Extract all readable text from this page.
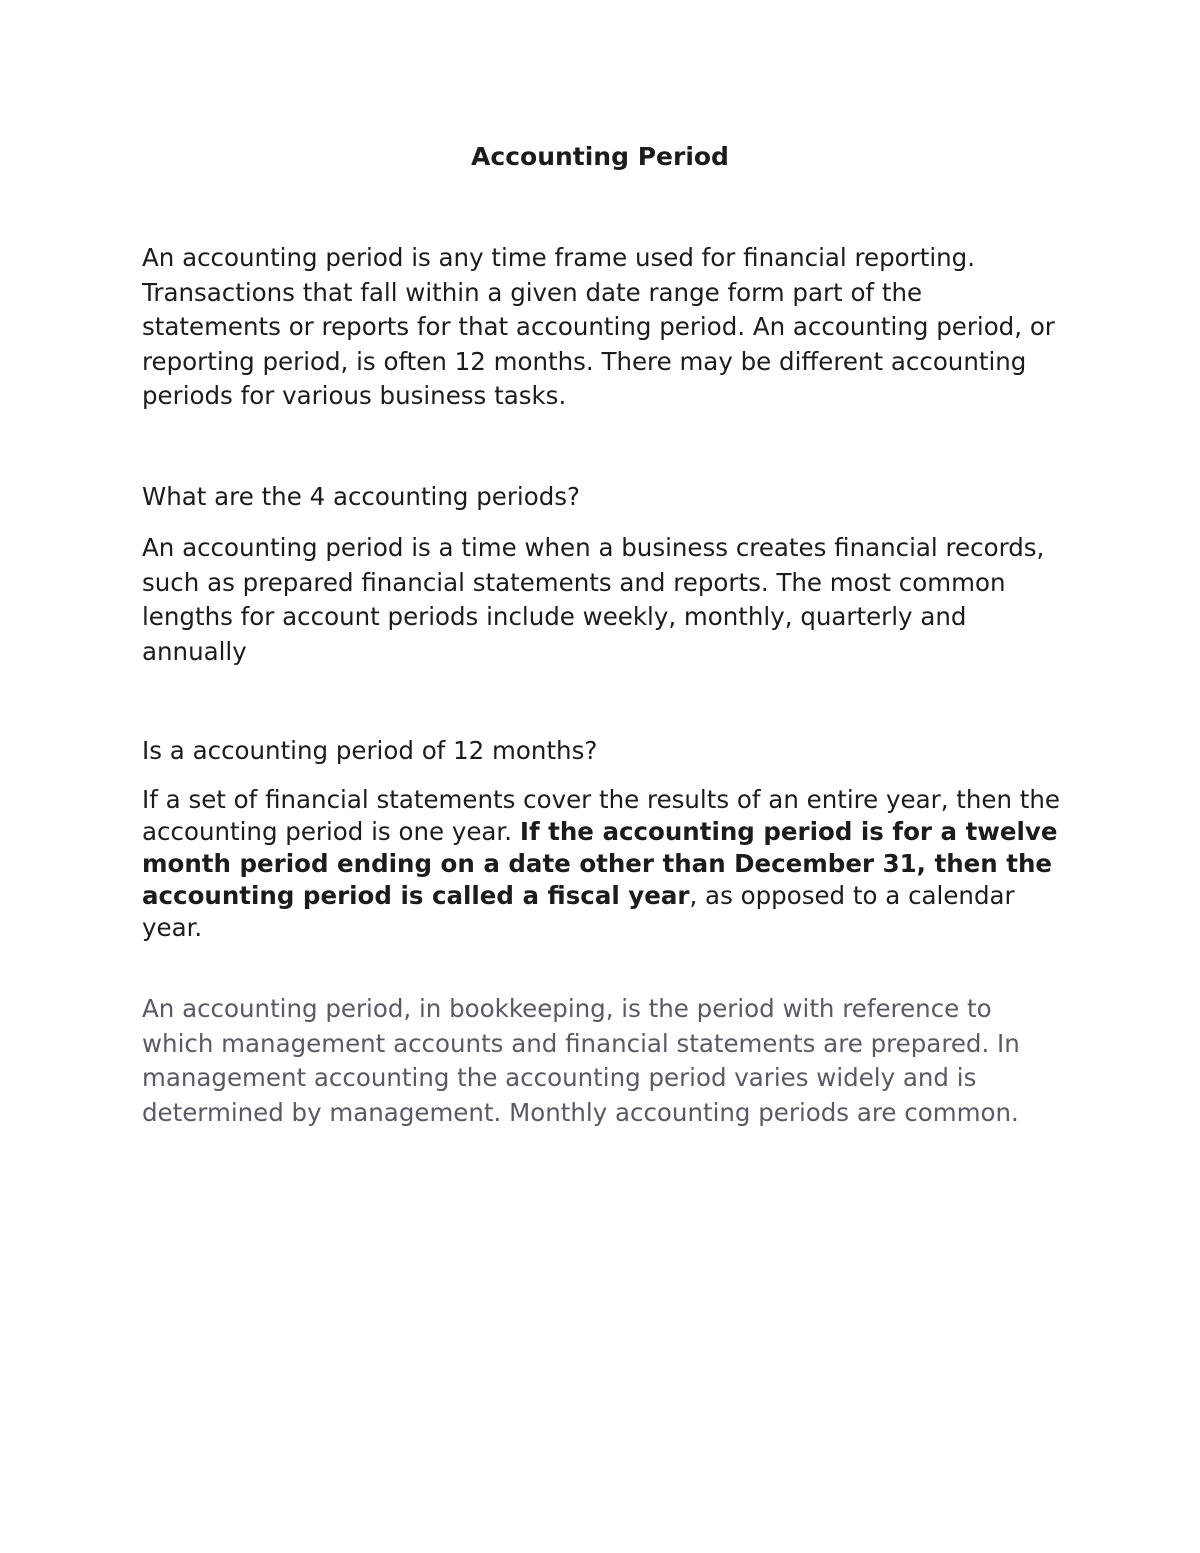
Accounting Period

An accounting period is any time frame used for financial reporting. Transactions that fall within a given date range form part of the statements or reports for that accounting period. An accounting period, or reporting period, is often 12 months. There may be different accounting periods for various business tasks.

What are the 4 accounting periods?

An accounting period is a time when a business creates financial records, such as prepared financial statements and reports. The most common lengths for account periods include weekly, monthly, quarterly and annually

Is a accounting period of 12 months?

If a set of financial statements cover the results of an entire year, then the accounting period is one year. If the accounting period is for a twelve month period ending on a date other than December 31, then the accounting period is called a fiscal year, as opposed to a calendar year.

An accounting period, in bookkeeping, is the period with reference to which management accounts and financial statements are prepared. In management accounting the accounting period varies widely and is determined by management. Monthly accounting periods are common.
